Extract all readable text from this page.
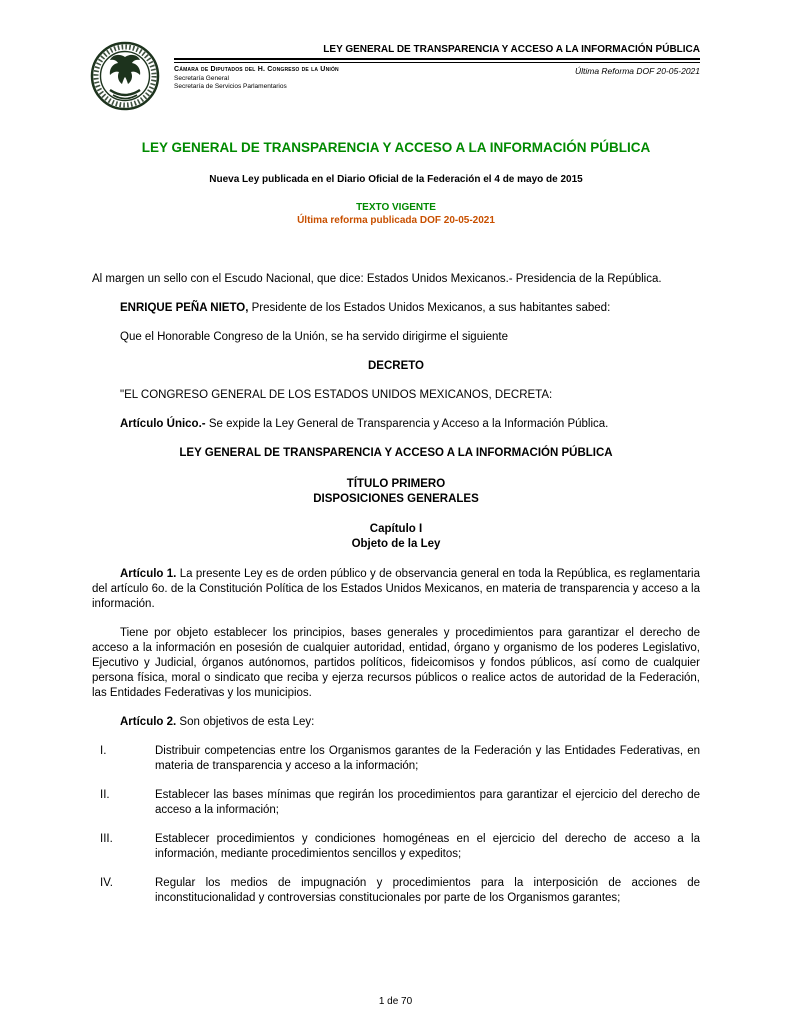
LEY GENERAL DE TRANSPARENCIA Y ACCESO A LA INFORMACIÓN PÚBLICA
Cámara de Diputados del H. Congreso de la Unión
Secretaría General
Secretaría de Servicios Parlamentarios
Última Reforma DOF 20-05-2021
LEY GENERAL DE TRANSPARENCIA Y ACCESO A LA INFORMACIÓN PÚBLICA
Nueva Ley publicada en el Diario Oficial de la Federación el 4 de mayo de 2015
TEXTO VIGENTE
Última reforma publicada DOF 20-05-2021

Al margen un sello con el Escudo Nacional, que dice: Estados Unidos Mexicanos.- Presidencia de la República.

ENRIQUE PEÑA NIETO, Presidente de los Estados Unidos Mexicanos, a sus habitantes sabed:

Que el Honorable Congreso de la Unión, se ha servido dirigirme el siguiente

DECRETO

"EL CONGRESO GENERAL DE LOS ESTADOS UNIDOS MEXICANOS, DECRETA:

Artículo Único.- Se expide la Ley General de Transparencia y Acceso a la Información Pública.

LEY GENERAL DE TRANSPARENCIA Y ACCESO A LA INFORMACIÓN PÚBLICA

TÍTULO PRIMERO

DISPOSICIONES GENERALES

Capítulo I

Objeto de la Ley

Artículo 1. La presente Ley es de orden público y de observancia general en toda la República, es reglamentaria del artículo 6o. de la Constitución Política de los Estados Unidos Mexicanos, en materia de transparencia y acceso a la información.

Tiene por objeto establecer los principios, bases generales y procedimientos para garantizar el derecho de acceso a la información en posesión de cualquier autoridad, entidad, órgano y organismo de los poderes Legislativo, Ejecutivo y Judicial, órganos autónomos, partidos políticos, fideicomisos y fondos públicos, así como de cualquier persona física, moral o sindicato que reciba y ejerza recursos públicos o realice actos de autoridad de la Federación, las Entidades Federativas y los municipios.

Artículo 2. Son objetivos de esta Ley:

I.	Distribuir competencias entre los Organismos garantes de la Federación y las Entidades Federativas, en materia de transparencia y acceso a la información;
II.	Establecer las bases mínimas que regirán los procedimientos para garantizar el ejercicio del derecho de acceso a la información;
III.	Establecer procedimientos y condiciones homogéneas en el ejercicio del derecho de acceso a la información, mediante procedimientos sencillos y expeditos;
IV.	Regular los medios de impugnación y procedimientos para la interposición de acciones de inconstitucionalidad y controversias constitucionales por parte de los Organismos garantes;
1 de 70
